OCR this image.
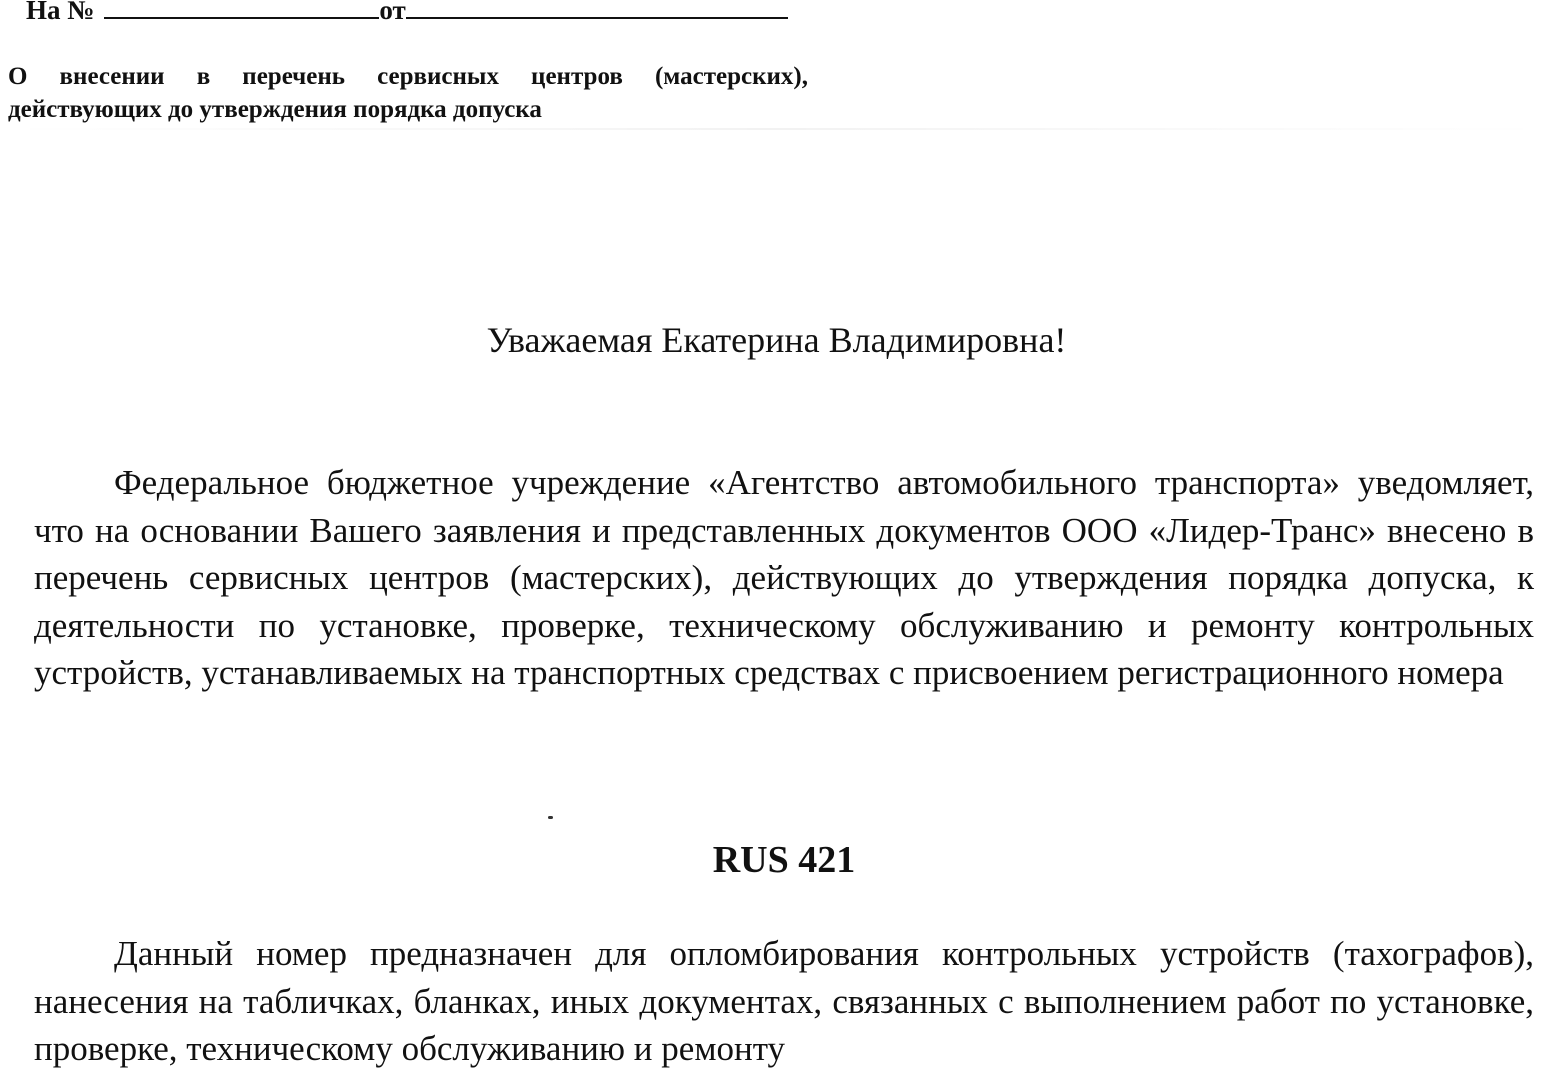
На №	от
О внесении в перечень сервисных центров (мастерских),
действующих до утверждения порядка допуска
Уважаемая Екатерина Владимировна!
Федеральное бюджетное учреждение «Агентство автомобильного транспорта» уведомляет, что на основании Вашего заявления и представленных документов ООО «Лидер-Транс» внесено в перечень сервисных центров (мастерских), действующих до утверждения порядка допуска, к деятельности по установке, проверке, техническому обслуживанию и ремонту контрольных устройств, устанавливаемых на транспортных средствах с присвоением регистрационного номера
RUS 421
Данный номер предназначен для опломбирования контрольных устройств (тахографов), нанесения на табличках, бланках, иных документах, связанных с выполнением работ по установке, проверке, техническому обслуживанию и ремонту
